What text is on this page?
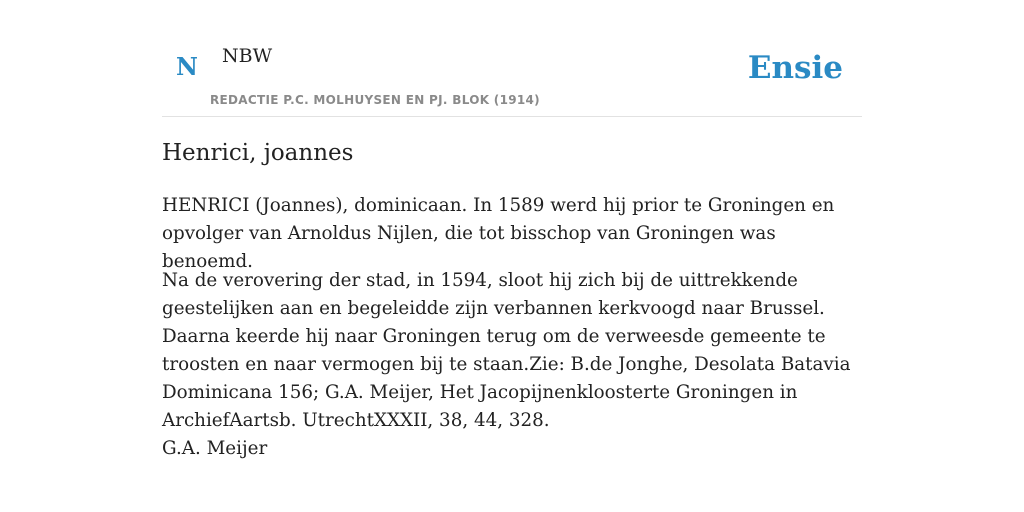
N NBW
REDACTIE P.C. MOLHUYSEN EN PJ. BLOK (1914)
Ensie
Henrici, joannes

HENRICI (Joannes), dominicaan. In 1589 werd hij prior te Groningen en opvolger van Arnoldus Nijlen, die tot bisschop van Groningen was benoemd.

Na de verovering der stad, in 1594, sloot hij zich bij de uittrekkende geestelijken aan en begeleidde zijn verbannen kerkvoogd naar Brussel. Daarna keerde hij naar Groningen terug om de verweesde gemeente te troosten en naar vermogen bij te staan.Zie: B.de Jonghe, Desolata Batavia Dominicana 156; G.A. Meijer, Het Jacopijnenkloosterte Groningen in ArchiefAartsb. UtrechtXXXII, 38, 44, 328.

G.A. Meijer
